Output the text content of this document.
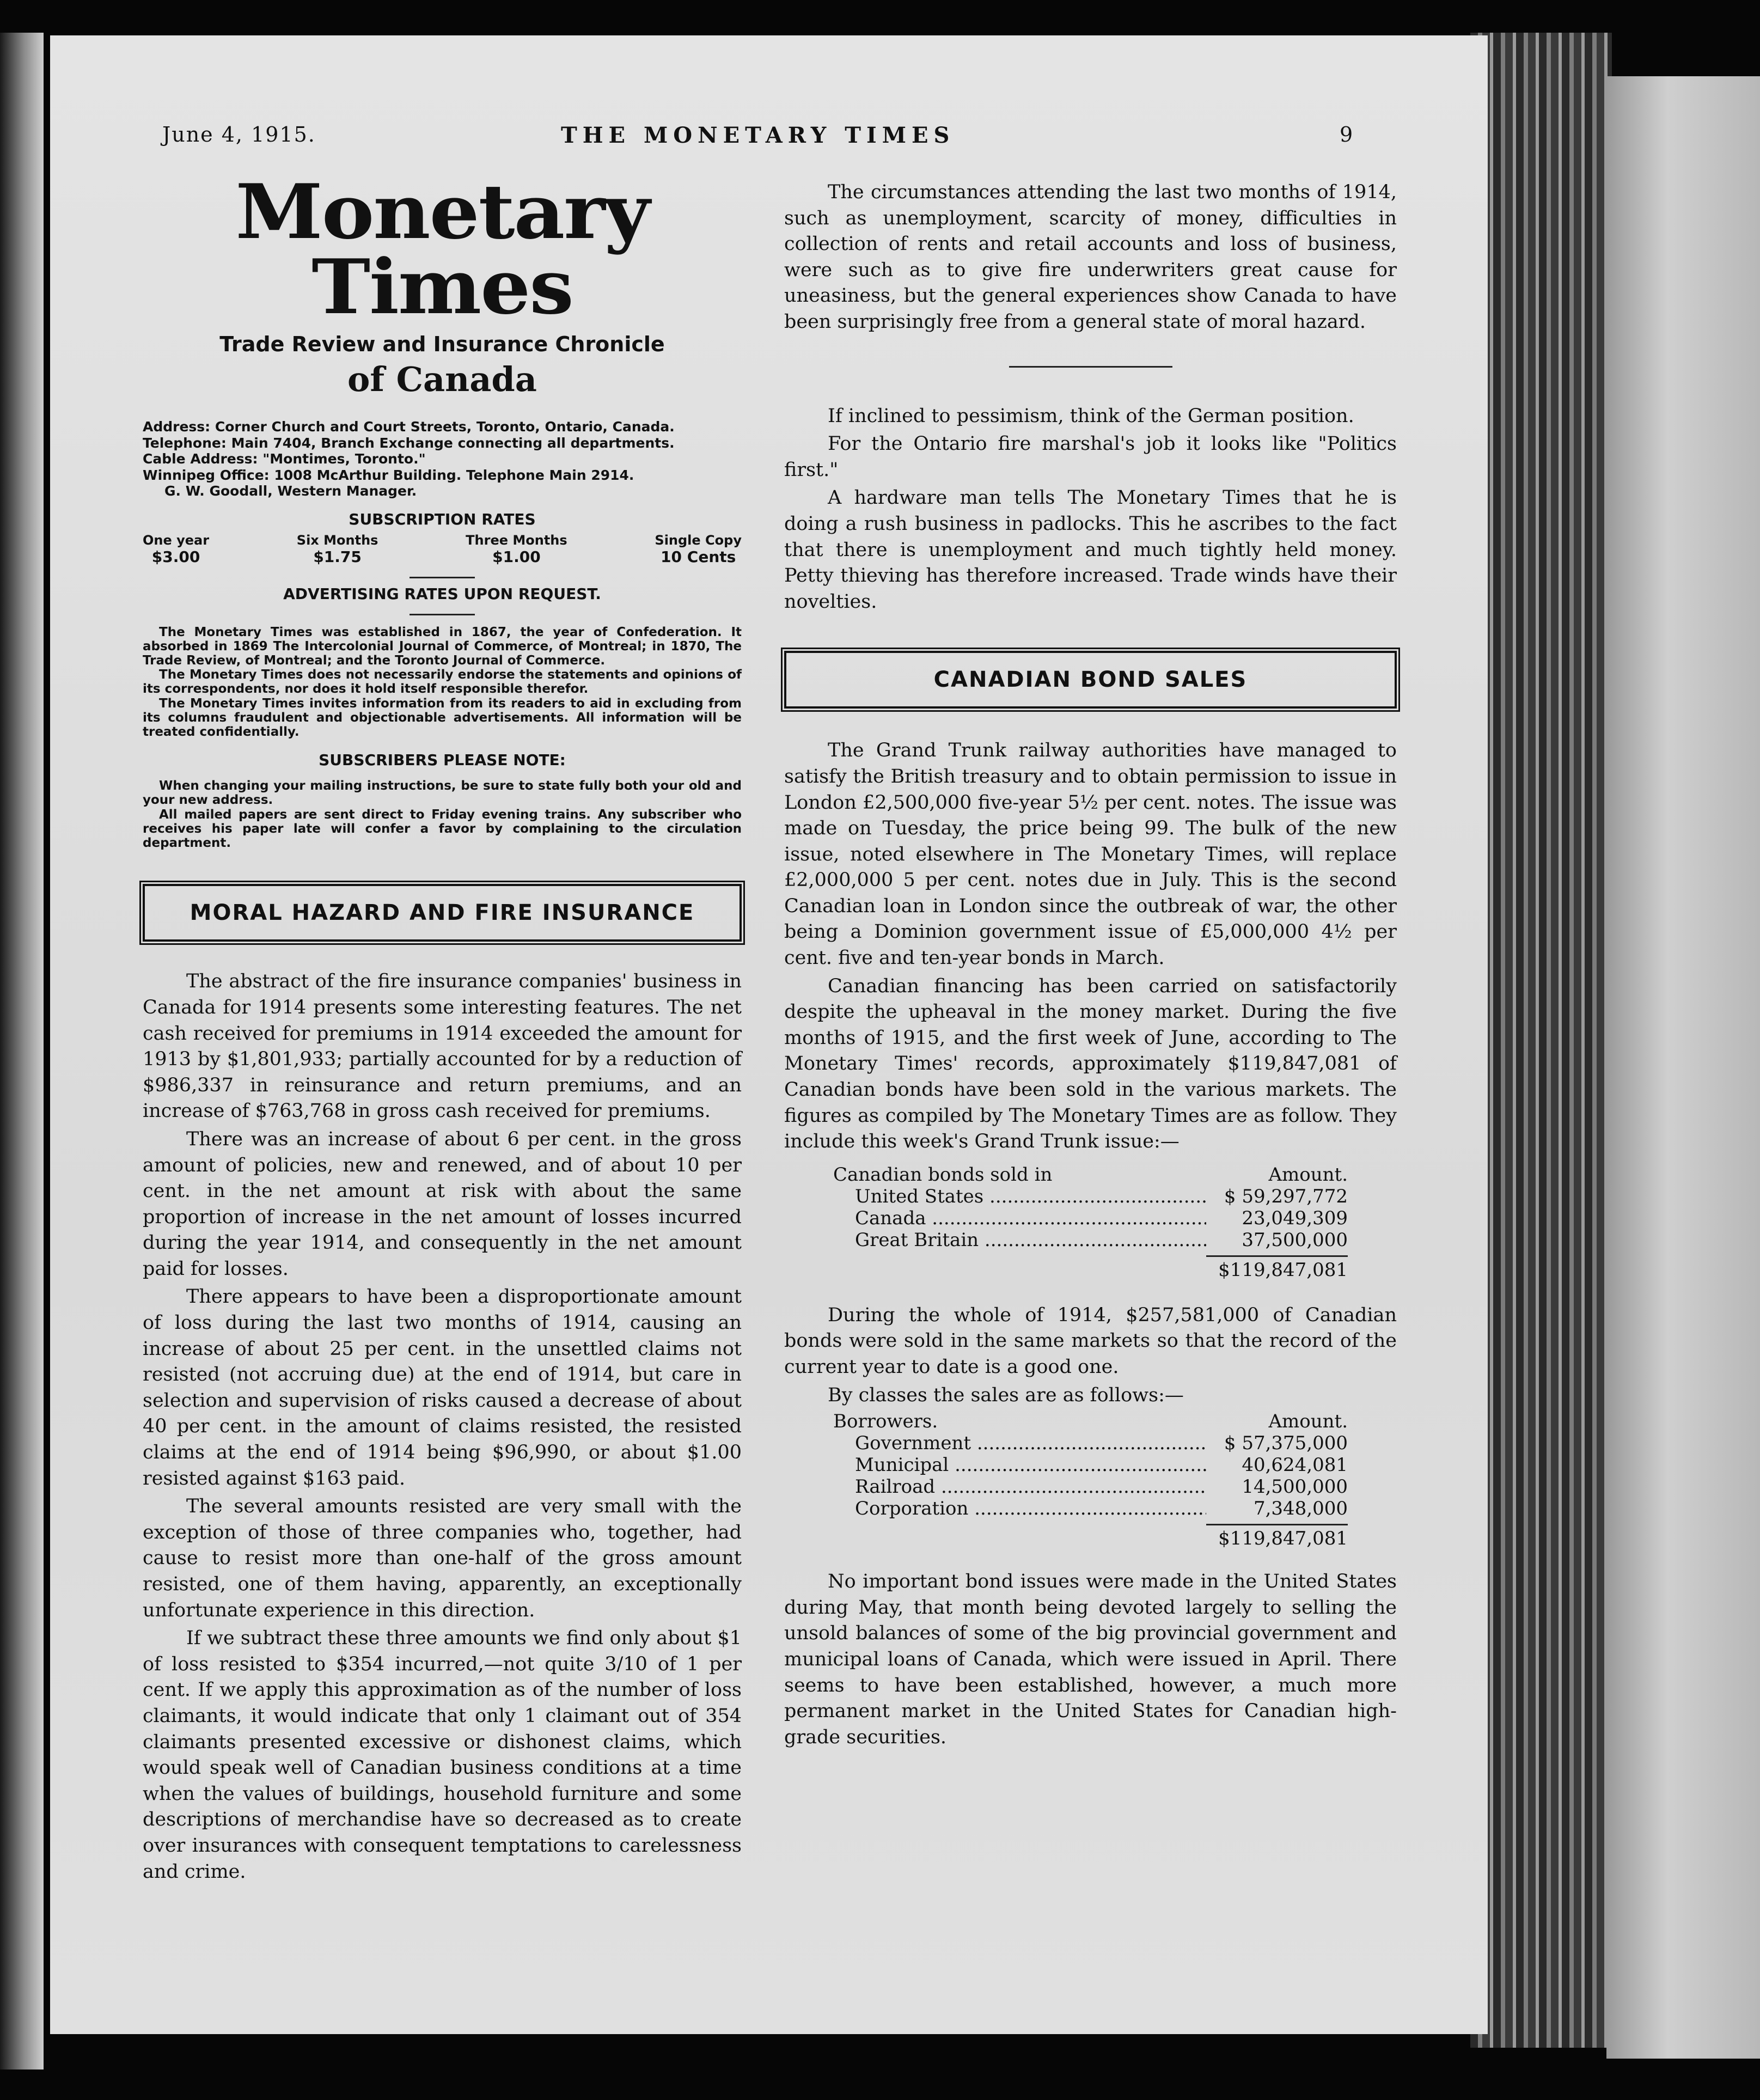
June 4, 1915.	THE MONETARY TIMES	9
Monetary Times
Trade Review and Insurance Chronicle
of Canada
Address: Corner Church and Court Streets, Toronto, Ontario, Canada.
Telephone: Main 7404, Branch Exchange connecting all departments.
Cable Address: "Montimes, Toronto."
Winnipeg Office: 1008 McArthur Building. Telephone Main 2914.
G. W. Goodall, Western Manager.
SUBSCRIPTION RATES
One year
$3.00
Six Months
$1.75
Three Months
$1.00
Single Copy
10 Cents
ADVERTISING RATES UPON REQUEST.
The Monetary Times was established in 1867, the year of Confederation. It absorbed in 1869 The Intercolonial Journal of Commerce, of Montreal; in 1870, The Trade Review, of Montreal; and the Toronto Journal of Commerce.
The Monetary Times does not necessarily endorse the statements and opinions of its correspondents, nor does it hold itself responsible therefor.
The Monetary Times invites information from its readers to aid in excluding from its columns fraudulent and objectionable advertisements. All information will be treated confidentially.
SUBSCRIBERS PLEASE NOTE:
When changing your mailing instructions, be sure to state fully both your old and your new address.
All mailed papers are sent direct to Friday evening trains. Any subscriber who receives his paper late will confer a favor by complaining to the circulation department.
MORAL HAZARD AND FIRE INSURANCE

The abstract of the fire insurance companies' business in Canada for 1914 presents some interesting features. The net cash received for premiums in 1914 exceeded the amount for 1913 by $1,801,933; partially accounted for by a reduction of $986,337 in reinsurance and return premiums, and an increase of $763,768 in gross cash received for premiums.

There was an increase of about 6 per cent. in the gross amount of policies, new and renewed, and of about 10 per cent. in the net amount at risk with about the same proportion of increase in the net amount of losses incurred during the year 1914, and consequently in the net amount paid for losses.

There appears to have been a disproportionate amount of loss during the last two months of 1914, causing an increase of about 25 per cent. in the unsettled claims not resisted (not accruing due) at the end of 1914, but care in selection and supervision of risks caused a decrease of about 40 per cent. in the amount of claims resisted, the resisted claims at the end of 1914 being $96,990, or about $1.00 resisted against $163 paid.

The several amounts resisted are very small with the exception of those of three companies who, together, had cause to resist more than one-half of the gross amount resisted, one of them having, apparently, an exceptionally unfortunate experience in this direction.

If we subtract these three amounts we find only about $1 of loss resisted to $354 incurred,—not quite 3/10 of 1 per cent. If we apply this approximation as of the number of loss claimants, it would indicate that only 1 claimant out of 354 claimants presented excessive or dishonest claims, which would speak well of Canadian business conditions at a time when the values of buildings, household furniture and some descriptions of merchandise have so decreased as to create over insurances with consequent temptations to carelessness and crime.

The circumstances attending the last two months of 1914, such as unemployment, scarcity of money, difficulties in collection of rents and retail accounts and loss of business, were such as to give fire underwriters great cause for uneasiness, but the general experiences show Canada to have been surprisingly free from a general state of moral hazard.

If inclined to pessimism, think of the German position.

For the Ontario fire marshal's job it looks like "Politics first."

A hardware man tells The Monetary Times that he is doing a rush business in padlocks. This he ascribes to the fact that there is unemployment and much tightly held money. Petty thieving has therefore increased. Trade winds have their novelties.

CANADIAN BOND SALES

The Grand Trunk railway authorities have managed to satisfy the British treasury and to obtain permission to issue in London £2,500,000 five-year 5½ per cent. notes. The issue was made on Tuesday, the price being 99. The bulk of the new issue, noted elsewhere in The Monetary Times, will replace £2,000,000 5 per cent. notes due in July. This is the second Canadian loan in London since the outbreak of war, the other being a Dominion government issue of £5,000,000 4½ per cent. five and ten-year bonds in March.

Canadian financing has been carried on satisfactorily despite the upheaval in the money market. During the five months of 1915, and the first week of June, according to The Monetary Times' records, approximately $119,847,081 of Canadian bonds have been sold in the various markets. The figures as compiled by The Monetary Times are as follow. They include this week's Grand Trunk issue:—

Canadian bonds sold in	Amount.
United States .....	$ 59,297,772
Canada .....	23,049,309
Great Britain .....	37,500,000
$119,847,081

During the whole of 1914, $257,581,000 of Canadian bonds were sold in the same markets so that the record of the current year to date is a good one.

By classes the sales are as follows:—

Borrowers.	Amount.
Government .....	$ 57,375,000
Municipal .....	40,624,081
Railroad .....	14,500,000
Corporation .....	7,348,000
$119,847,081

No important bond issues were made in the United States during May, that month being devoted largely to selling the unsold balances of some of the big provincial government and municipal loans of Canada, which were issued in April. There seems to have been established, however, a much more permanent market in the United States for Canadian high-grade securities.
